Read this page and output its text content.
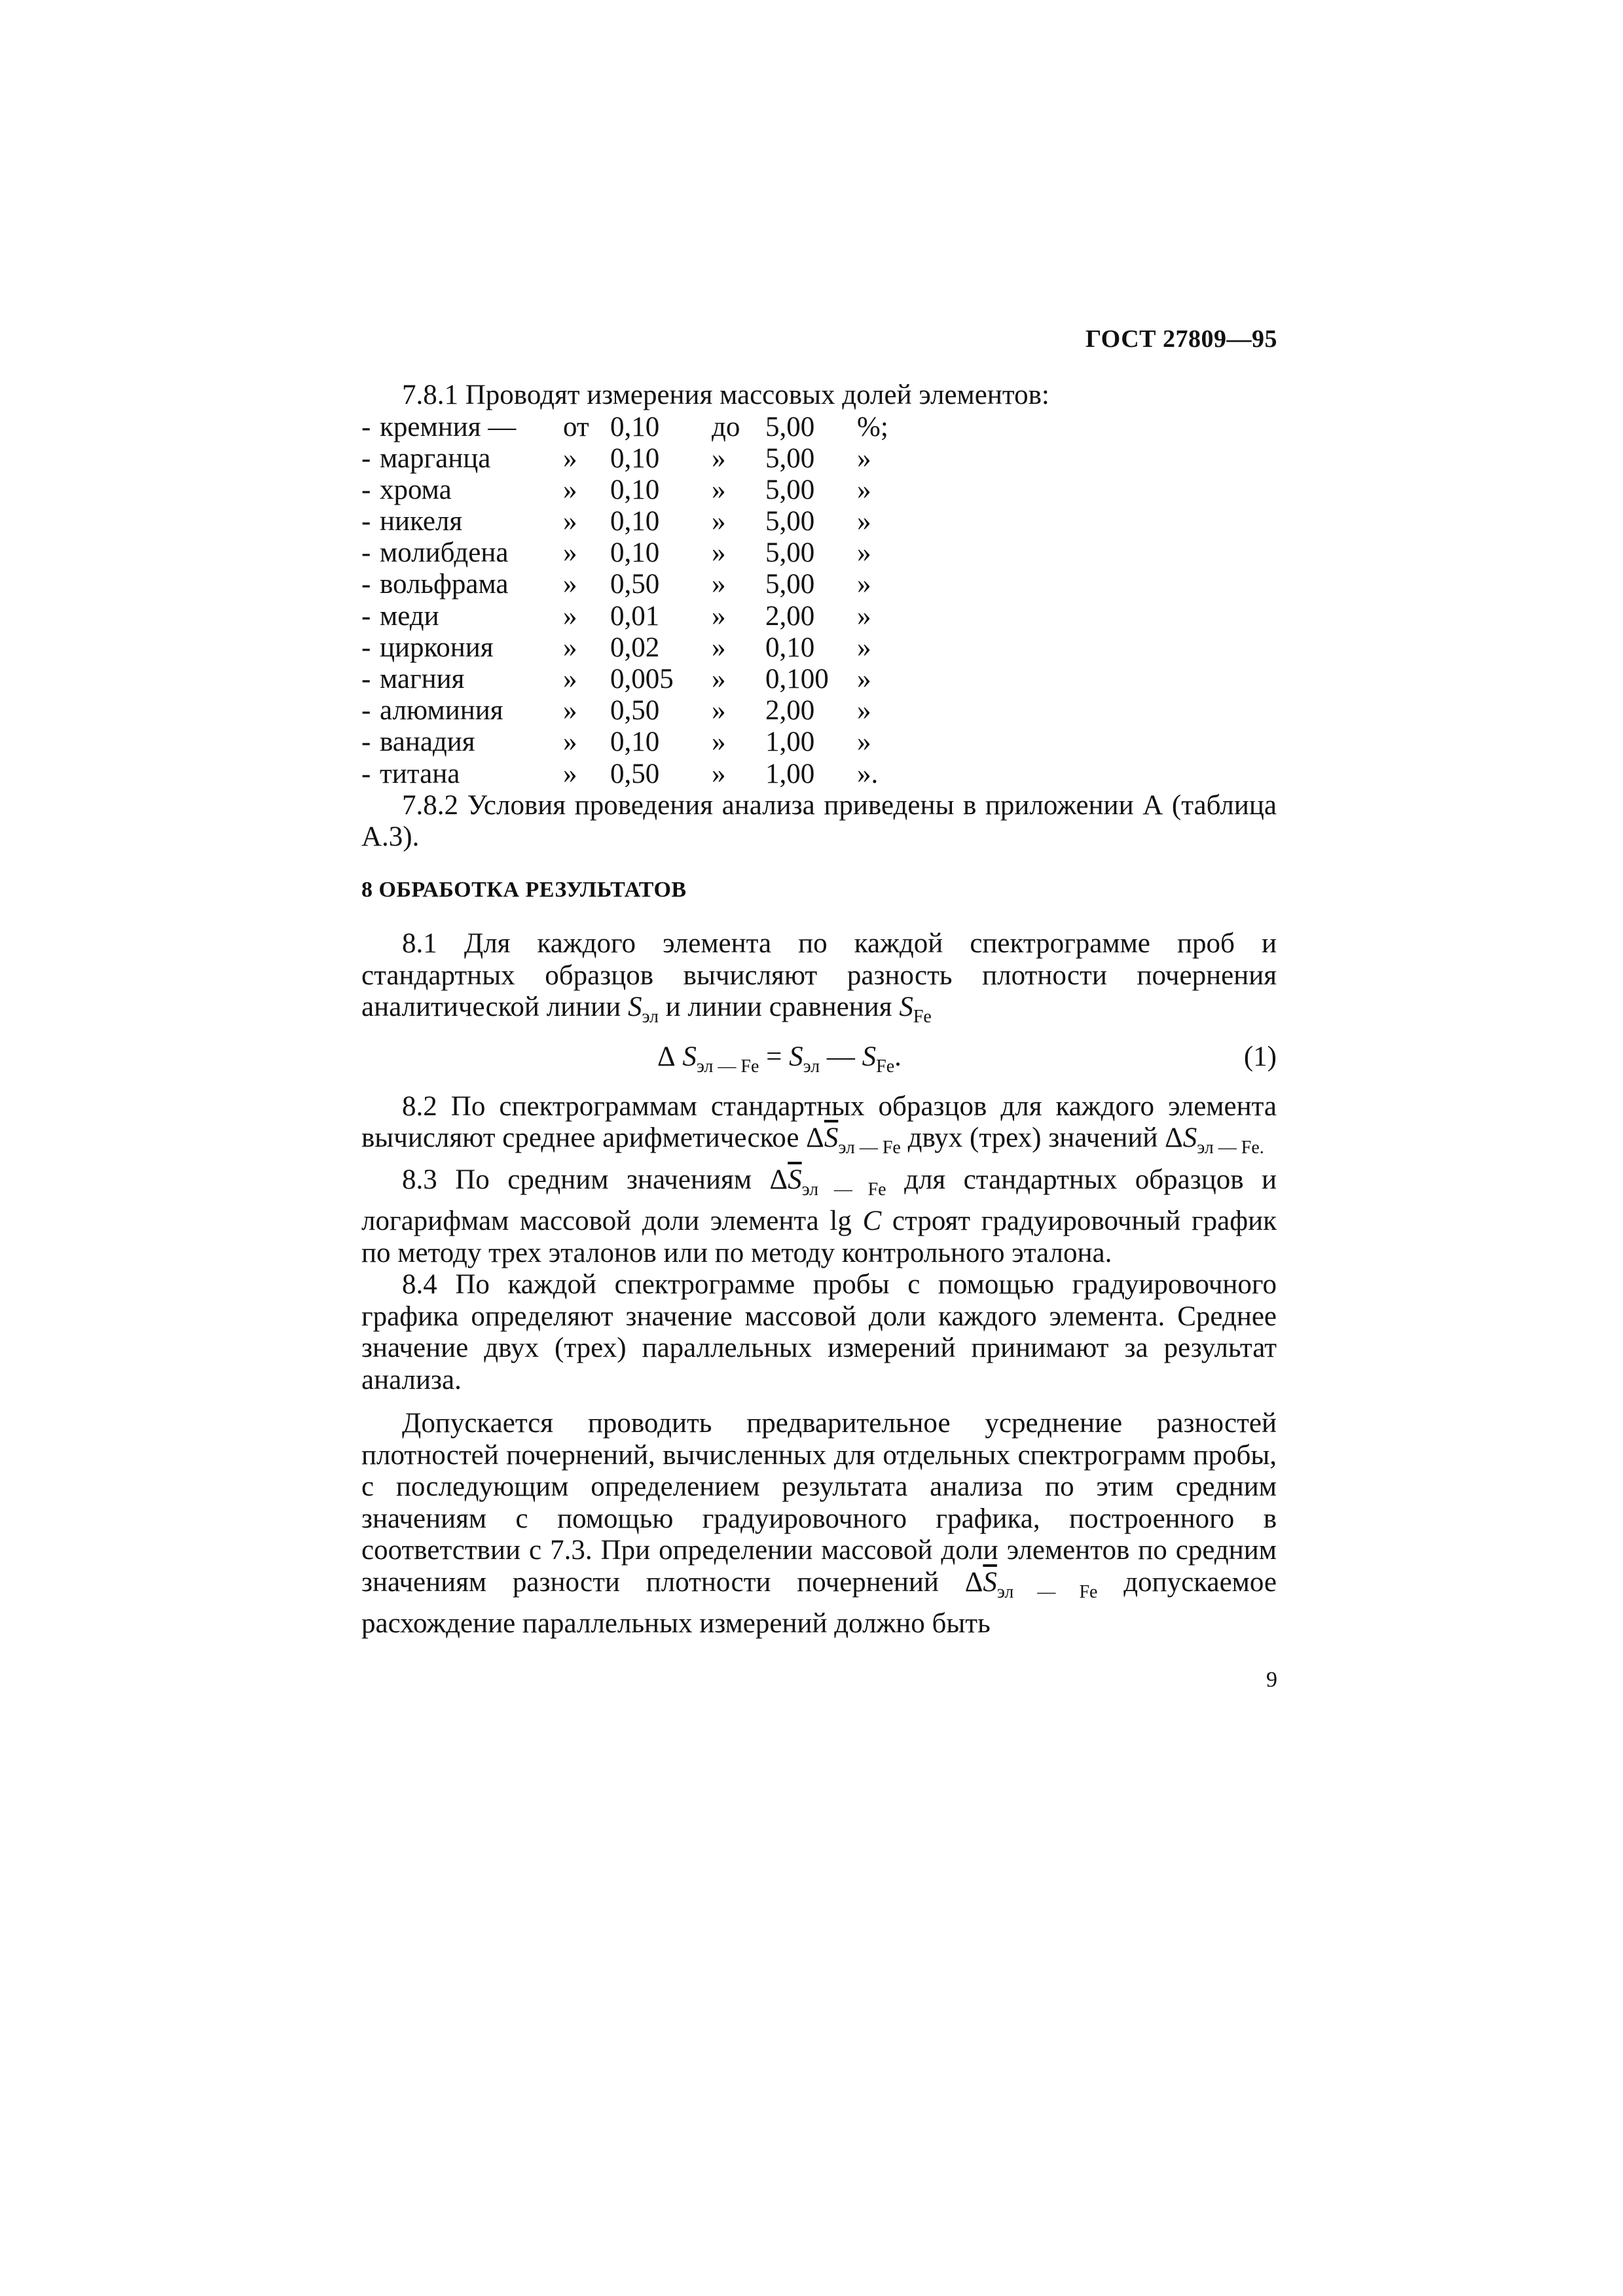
ГОСТ 27809—95

7.8.1 Проводят измерения массовых долей элементов:

- кремния —	от 0,10	до 5,00	%;
- марганца	»	0,10	»	5,00	»
- хрома	»	0,10	»	5,00	»
- никеля	»	0,10	»	5,00	»
- молибдена	»	0,10	»	5,00	»
- вольфрама	»	0,50	»	5,00	»
- меди	»	0,01	»	2,00	»
- циркония	»	0,02	»	0,10	»
- магния	»	0,005	»	0,100	»
- алюминия	»	0,50	»	2,00	»
- ванадия	»	0,10	»	1,00	»
- титана	»	0,50	»	1,00	».

7.8.2 Условия проведения анализа приведены в приложении А (таблица А.3).

8 ОБРАБОТКА РЕЗУЛЬТАТОВ

8.1 Для каждого элемента по каждой спектрограмме проб и стандартных образцов вычисляют разность плотности почернения аналитической линии $S_{эл}$ и линии сравнения $S_{Fe}$

Δ $S_{эл — Fe} = S_{эл}$ — $S_{Fe}$.	(1)

8.2 По спектрограммам стандартных образцов для каждого элемента вычисляют среднее арифметическое $\Delta\overline{S}_{эл — Fe}$ двух (трех) значений $\Delta S_{эл — Fe.}$

8.3 По средним значениям $\Delta\overline{S}_{эл — Fe}$ для стандартных образцов и логарифмам массовой доли элемента lg C строят градуировочный график по методу трех эталонов или по методу контрольного эталона.

8.4 По каждой спектрограмме пробы с помощью градуировочного графика определяют значение массовой доли каждого элемента. Среднее значение двух (трех) параллельных измерений принимают за результат анализа.

Допускается проводить предварительное усреднение разностей плотностей почернений, вычисленных для отдельных спектрограмм пробы, с последующим определением результата анализа по этим средним значениям с помощью градуировочного графика, построенного в соответствии с 7.3. При определении массовой доли элементов по средним значениям разности плотности почернений $\Delta\overline{S}_{эл — Fe}$ допускаемое расхождение параллельных измерений должно быть

9
